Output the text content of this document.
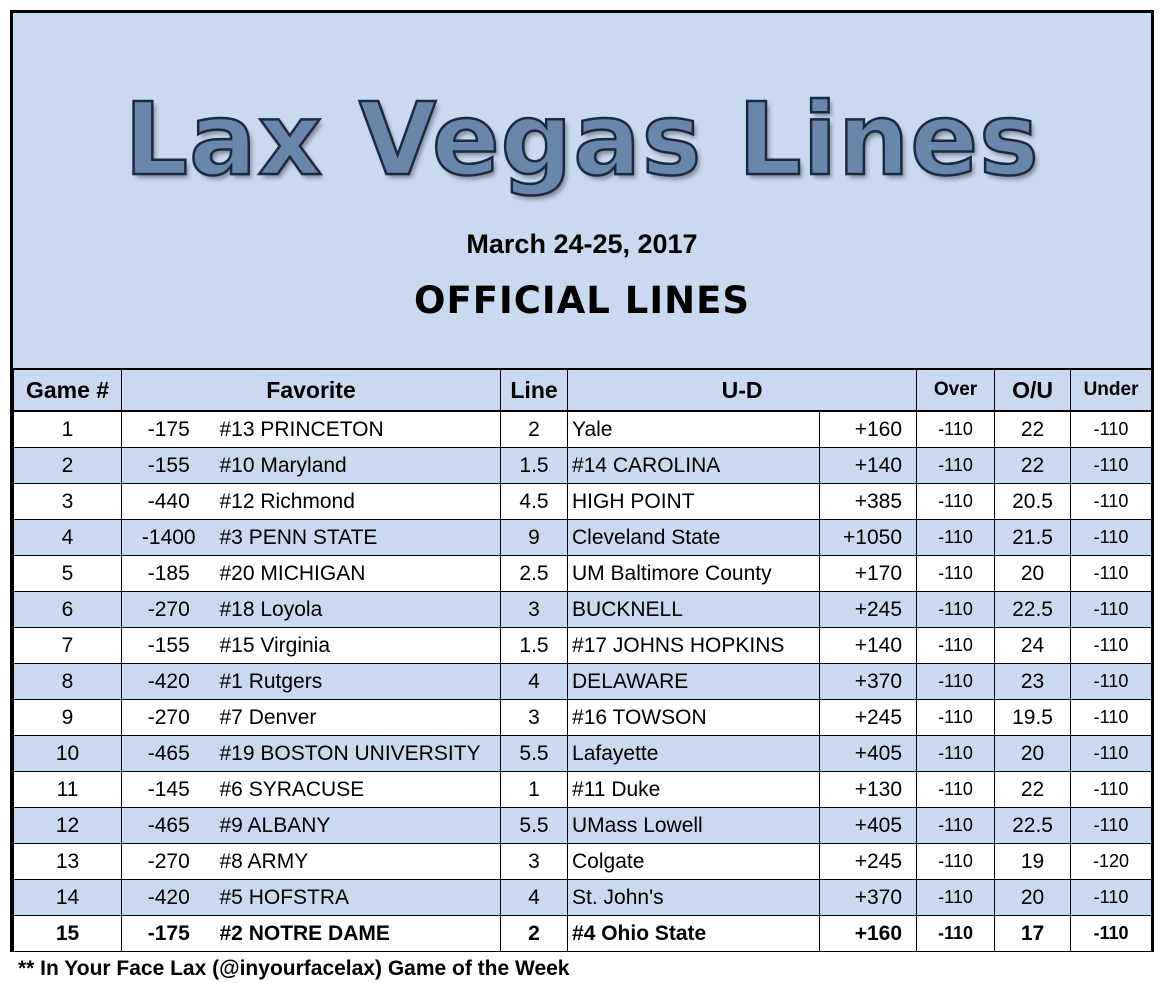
Lax Vegas Lines
March 24-25, 2017
OFFICIAL LINES
Game #	Favorite		Line	U-D		Over	O/U	Under
1	-175	#13 PRINCETON	2	Yale	+160	-110	22	-110
2	-155	#10 Maryland	1.5	#14 CAROLINA	+140	-110	22	-110
3	-440	#12 Richmond	4.5	HIGH POINT	+385	-110	20.5	-110
4	-1400	#3 PENN STATE	9	Cleveland State	+1050	-110	21.5	-110
5	-185	#20 MICHIGAN	2.5	UM Baltimore County	+170	-110	20	-110
6	-270	#18 Loyola	3	BUCKNELL	+245	-110	22.5	-110
7	-155	#15 Virginia	1.5	#17 JOHNS HOPKINS	+140	-110	24	-110
8	-420	#1 Rutgers	4	DELAWARE	+370	-110	23	-110
9	-270	#7 Denver	3	#16 TOWSON	+245	-110	19.5	-110
10	-465	#19 BOSTON UNIVERSITY	5.5	Lafayette	+405	-110	20	-110
11	-145	#6 SYRACUSE	1	#11 Duke	+130	-110	22	-110
12	-465	#9 ALBANY	5.5	UMass Lowell	+405	-110	22.5	-110
13	-270	#8 ARMY	3	Colgate	+245	-110	19	-120
14	-420	#5 HOFSTRA	4	St. John's	+370	-110	20	-110
15	-175	#2 NOTRE DAME	2	#4 Ohio State	+160	-110	17	-110
** In Your Face Lax (@inyourfacelax) Game of the Week
